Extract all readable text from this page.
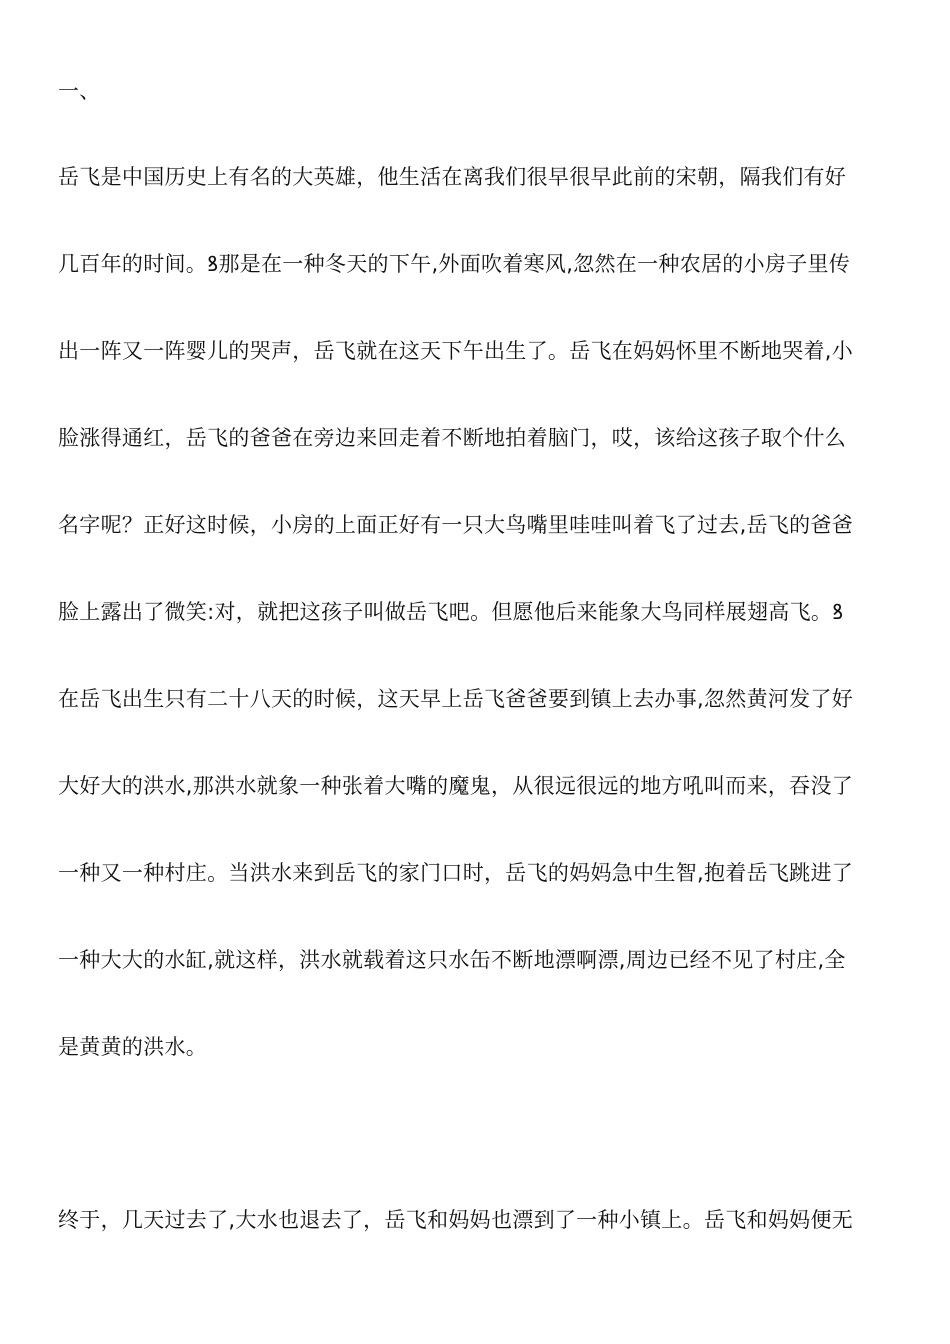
一、
岳飞是中国历史上有名的大英雄，他生活在离我们很早很早此前的宋朝，隔我们有好
几百年的时间。ꝸ那是在一种冬天的下午,外面吹着寒风,忽然在一种农居的小房子里传
出一阵又一阵婴儿的哭声，岳飞就在这天下午出生了。岳飞在妈妈怀里不断地哭着,小
脸涨得通红，岳飞的爸爸在旁边来回走着不断地拍着脑门，哎，该给这孩子取个什么
名字呢？正好这时候，小房的上面正好有一只大鸟嘴里哇哇叫着飞了过去,岳飞的爸爸
脸上露出了微笑:对，就把这孩子叫做岳飞吧。但愿他后来能象大鸟同样展翅高飞。ꝸ
在岳飞出生只有二十八天的时候，这天早上岳飞爸爸要到镇上去办事,忽然黄河发了好
大好大的洪水,那洪水就象一种张着大嘴的魔鬼，从很远很远的地方吼叫而来，吞没了
一种又一种村庄。当洪水来到岳飞的家门口时，岳飞的妈妈急中生智,抱着岳飞跳进了
一种大大的水缸,就这样，洪水就载着这只水缶不断地漂啊漂,周边已经不见了村庄,全
是黄黄的洪水。
终于，几天过去了,大水也退去了，岳飞和妈妈也漂到了一种小镇上。岳飞和妈妈便无
